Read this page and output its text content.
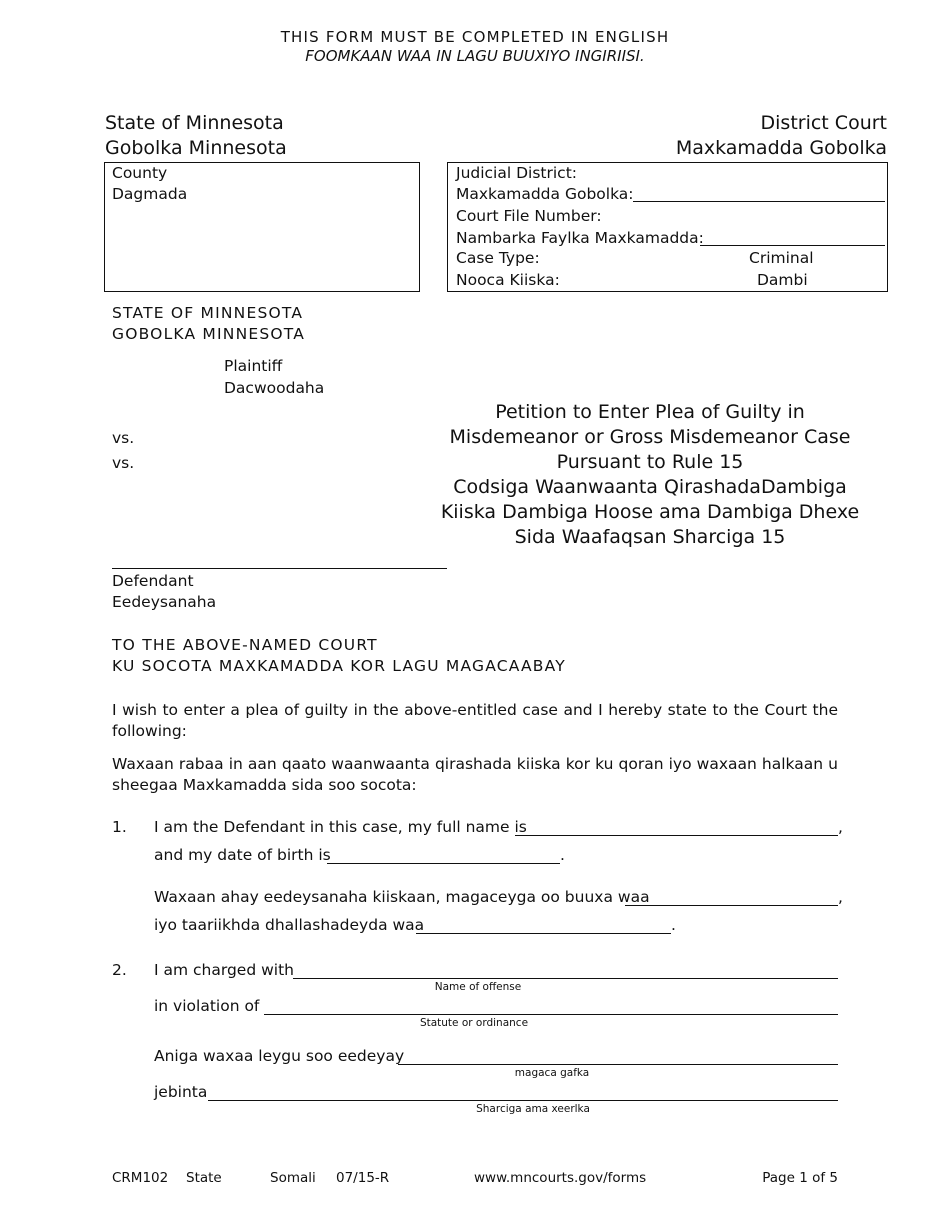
THIS FORM MUST BE COMPLETED IN ENGLISH
FOOMKAAN WAA IN LAGU BUUXIYO INGIRIISI.
State of Minnesota
Gobolka Minnesota
District Court
Maxkamadda Gobolka
County
Dagmada
Judicial District:
Maxkamadda Gobolka:
Court File Number:
Nambarka Faylka Maxkamadda:
Case Type:	Criminal
Nooca Kiiska:	Dambi
STATE OF MINNESOTA
GOBOLKA MINNESOTA
Plaintiff
Dacwoodaha
vs.
vs.
Defendant
Eedeysanaha
Petition to Enter Plea of Guilty in
Misdemeanor or Gross Misdemeanor Case
Pursuant to Rule 15
Codsiga Waanwaanta QirashadaDambiga
Kiiska Dambiga Hoose ama Dambiga Dhexe
Sida Waafaqsan Sharciga 15
TO THE ABOVE-NAMED COURT
KU SOCOTA MAXKAMADDA KOR LAGU MAGACAABAY
I wish to enter a plea of guilty in the above-entitled case and I hereby state to the Court the following:
Waxaan rabaa in aan qaato waanwaanta qirashada kiiska kor ku qoran iyo waxaan halkaan u sheegaa Maxkamadda sida soo socota:
1. I am the Defendant in this case, my full name is	,
and my date of birth is	.
Waxaan ahay eedeysanaha kiiskaan, magaceyga oo buuxa waa	,
iyo taariikhda dhallashadeyda waa	.
2. I am charged with
Name of offense
in violation of
Statute or ordinance
Aniga waxaa leygu soo eedeyay
magaca gafka
jebinta
Sharciga ama xeerlka
CRM102 State	Somali 07/15-R	www.mncourts.gov/forms	Page 1 of 5
